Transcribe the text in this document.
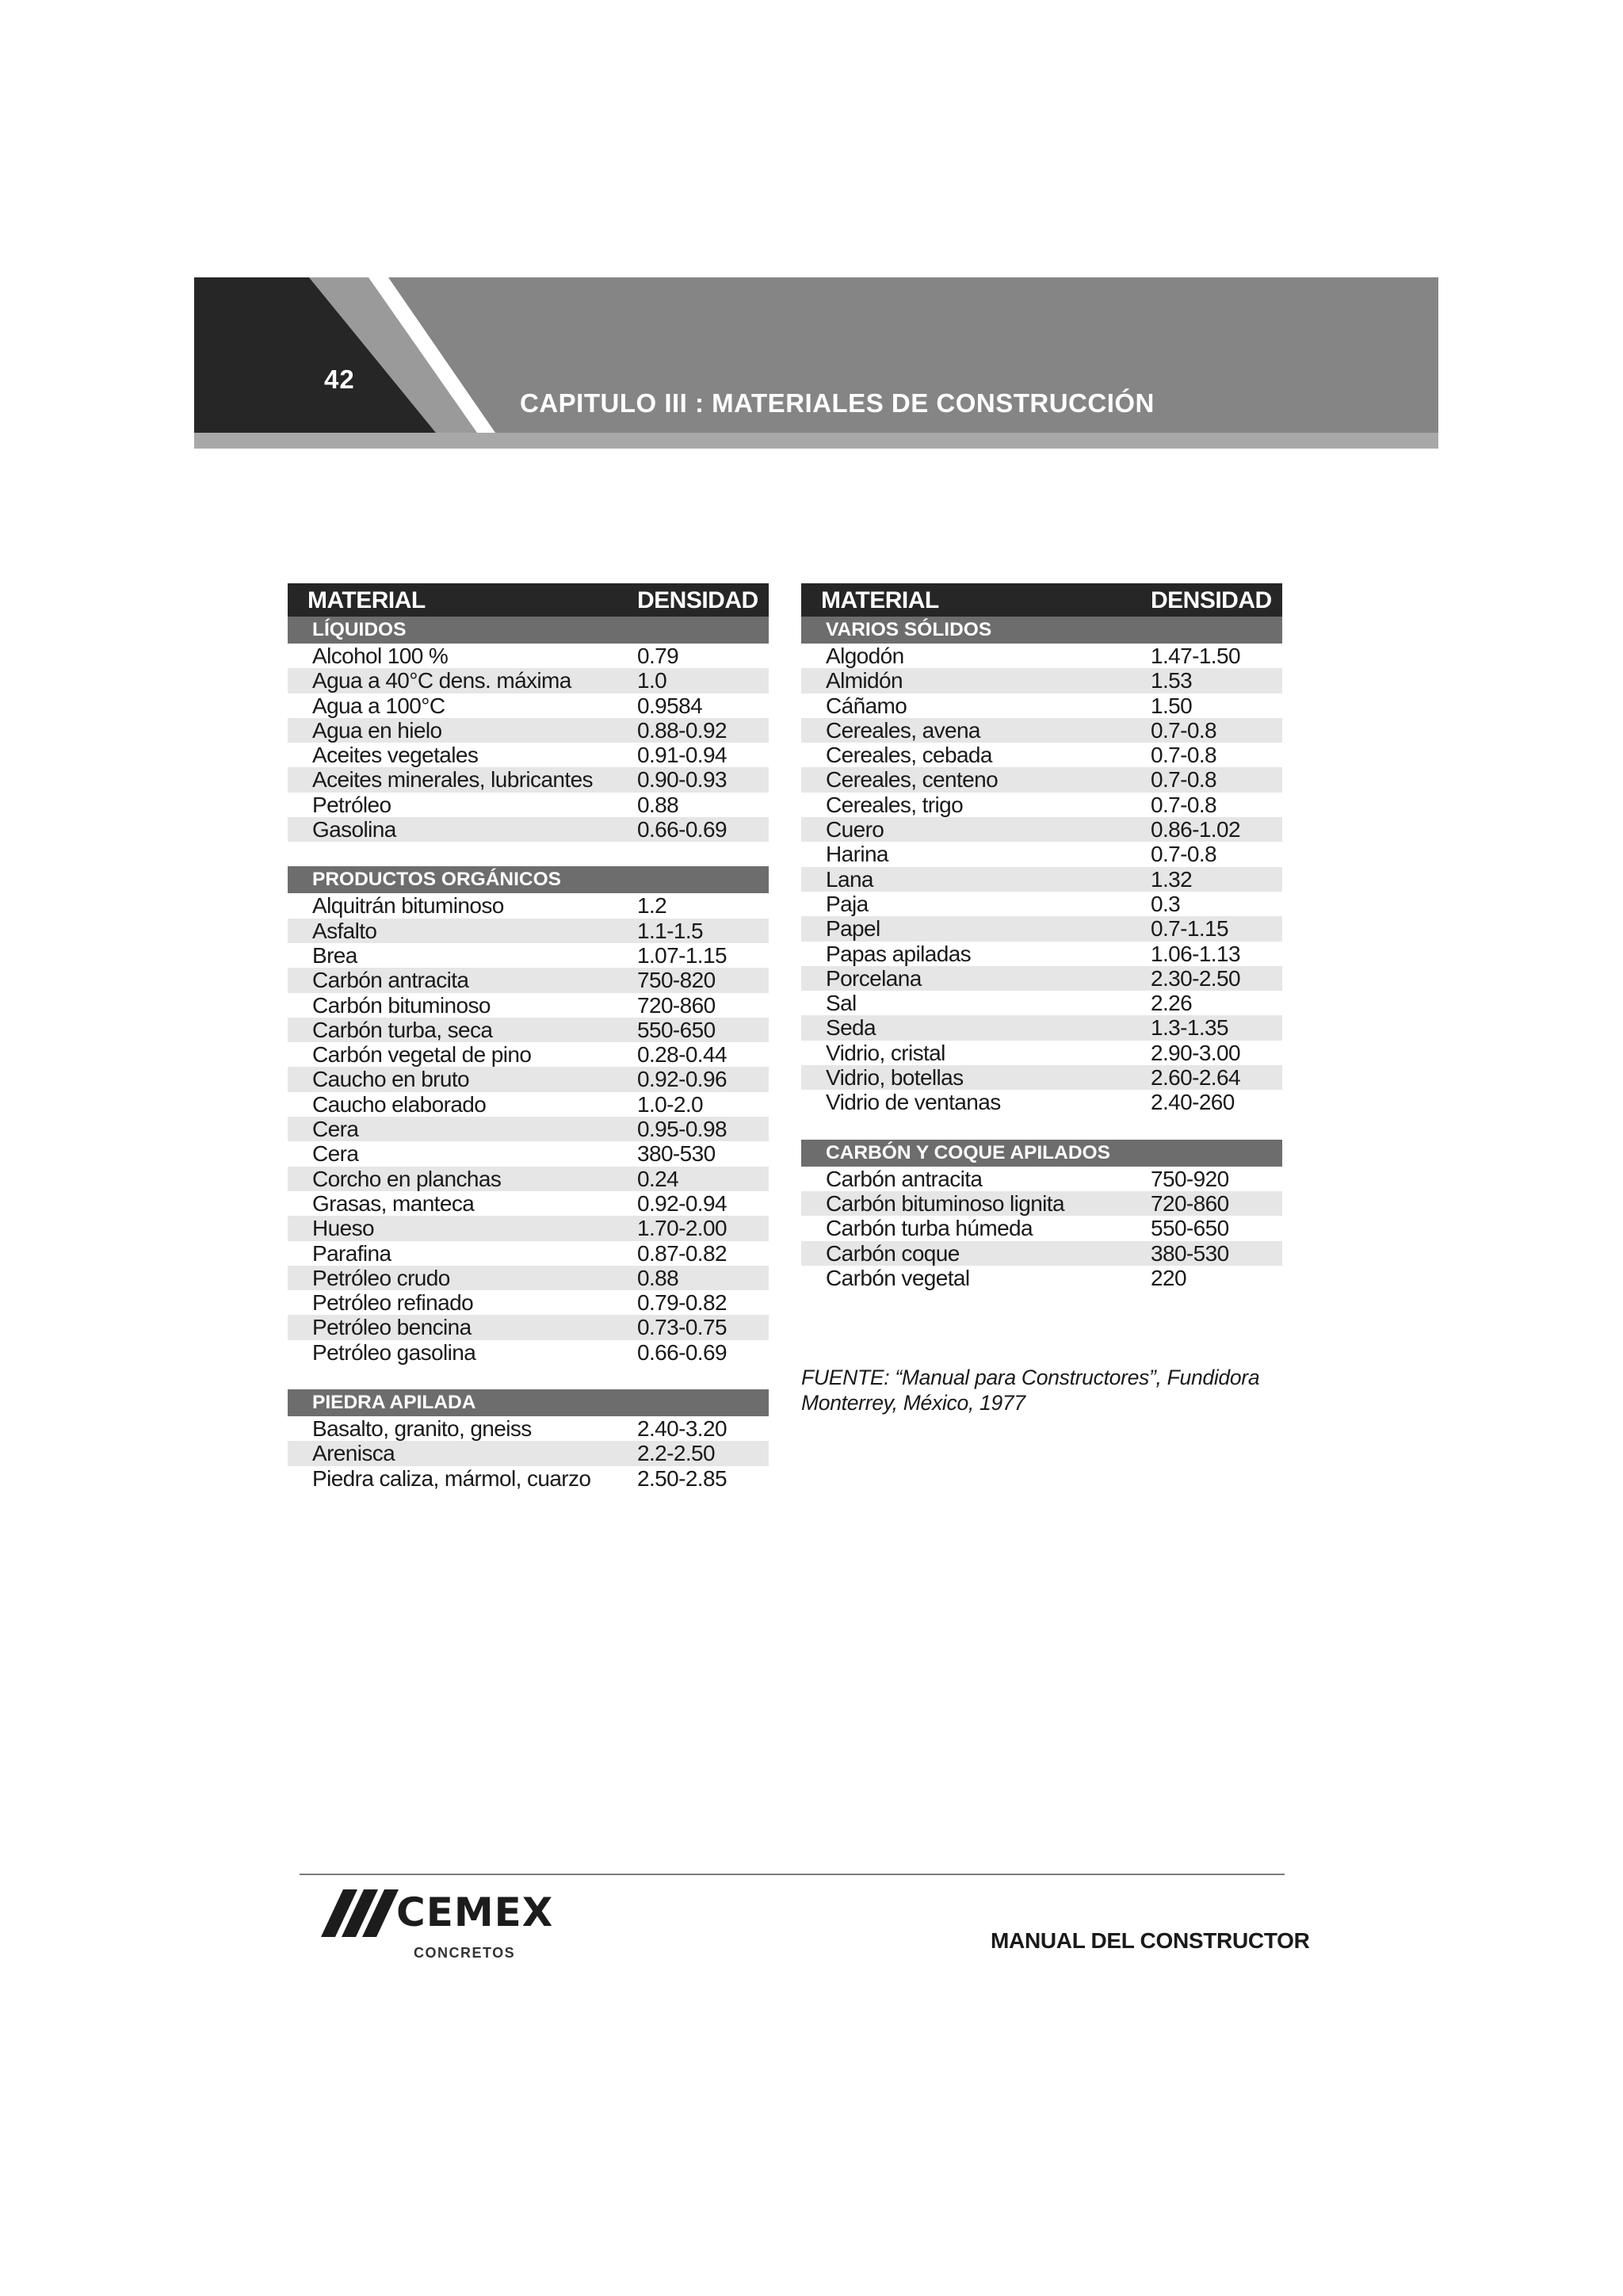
42
CAPITULO III : MATERIALES DE CONSTRUCCIÓN
MATERIAL	DENSIDAD
LÍQUIDOS
Alcohol 100 %	0.79
Agua a 40°C dens. máxima	1.0
Agua a 100°C	0.9584
Agua en hielo	0.88-0.92
Aceites vegetales	0.91-0.94
Aceites minerales, lubricantes 0.90-0.93
Petróleo	0.88
Gasolina	0.66-0.69
PRODUCTOS ORGÁNICOS
Alquitrán bituminoso	1.2
Asfalto	1.1-1.5
Brea	1.07-1.15
Carbón antracita	750-820
Carbón bituminoso	720-860
Carbón turba, seca	550-650
Carbón vegetal de pino	0.28-0.44
Caucho en bruto	0.92-0.96
Caucho elaborado	1.0-2.0
Cera	0.95-0.98
Cera	380-530
Corcho en planchas	0.24
Grasas, manteca	0.92-0.94
Hueso	1.70-2.00
Parafina	0.87-0.82
Petróleo crudo	0.88
Petróleo refinado	0.79-0.82
Petróleo bencina	0.73-0.75
Petróleo gasolina	0.66-0.69
PIEDRA APILADA
Basalto, granito, gneiss	2.40-3.20
Arenisca	2.2-2.50
Piedra caliza, mármol, cuarzo 2.50-2.85
MATERIAL	DENSIDAD
VARIOS SÓLIDOS
Algodón	1.47-1.50
Almidón	1.53
Cáñamo	1.50
Cereales, avena	0.7-0.8
Cereales, cebada	0.7-0.8
Cereales, centeno	0.7-0.8
Cereales, trigo	0.7-0.8
Cuero	0.86-1.02
Harina	0.7-0.8
Lana	1.32
Paja	0.3
Papel	0.7-1.15
Papas apiladas	1.06-1.13
Porcelana	2.30-2.50
Sal	2.26
Seda	1.3-1.35
Vidrio, cristal	2.90-3.00
Vidrio, botellas	2.60-2.64
Vidrio de ventanas	2.40-260
CARBÓN Y COQUE APILADOS
Carbón antracita	750-920
Carbón bituminoso lignita	720-860
Carbón turba húmeda	550-650
Carbón coque	380-530
Carbón vegetal	220
FUENTE: “Manual para Constructores”, Fundidora Monterrey, México, 1977
CEMEX
CONCRETOS	MANUAL DEL CONSTRUCTOR
